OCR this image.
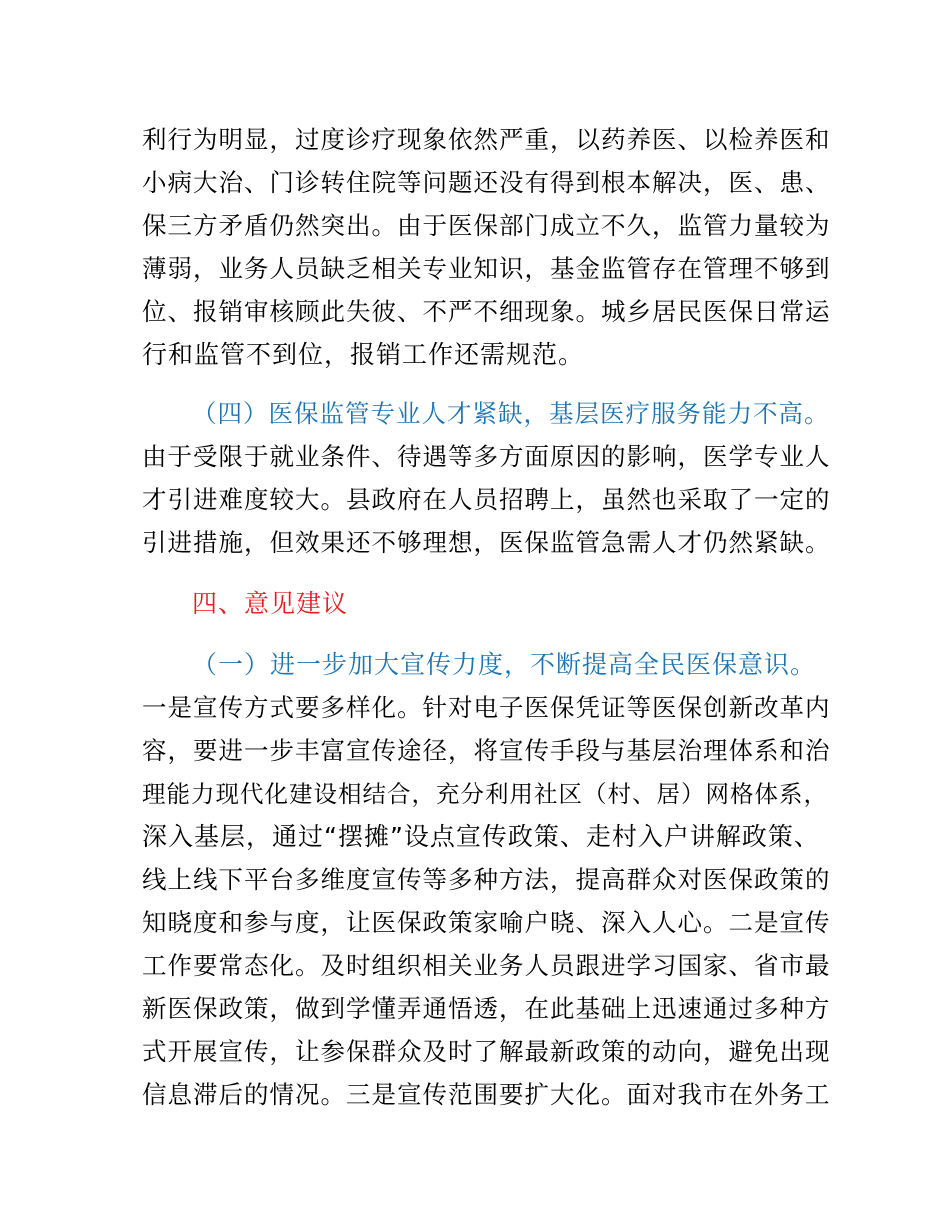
利行为明显，过度诊疗现象依然严重，以药养医、以检养医和
小病大治、门诊转住院等问题还没有得到根本解决，医、患、
保三方矛盾仍然突出。由于医保部门成立不久，监管力量较为
薄弱，业务人员缺乏相关专业知识，基金监管存在管理不够到
位、报销审核顾此失彼、不严不细现象。城乡居民医保日常运
行和监管不到位，报销工作还需规范。
（四）医保监管专业人才紧缺，基层医疗服务能力不高。
由于受限于就业条件、待遇等多方面原因的影响，医学专业人
才引进难度较大。县政府在人员招聘上，虽然也采取了一定的
引进措施，但效果还不够理想，医保监管急需人才仍然紧缺。
四、意见建议
（一）进一步加大宣传力度，不断提高全民医保意识。
一是宣传方式要多样化。针对电子医保凭证等医保创新改革内
容，要进一步丰富宣传途径，将宣传手段与基层治理体系和治
理能力现代化建设相结合，充分利用社区（村、居）网格体系，
深入基层，通过“摆摊”设点宣传政策、走村入户讲解政策、
线上线下平台多维度宣传等多种方法，提高群众对医保政策的
知晓度和参与度，让医保政策家喻户晓、深入人心。二是宣传
工作要常态化。及时组织相关业务人员跟进学习国家、省市最
新医保政策，做到学懂弄通悟透，在此基础上迅速通过多种方
式开展宣传，让参保群众及时了解最新政策的动向，避免出现
信息滞后的情况。三是宣传范围要扩大化。面对我市在外务工
